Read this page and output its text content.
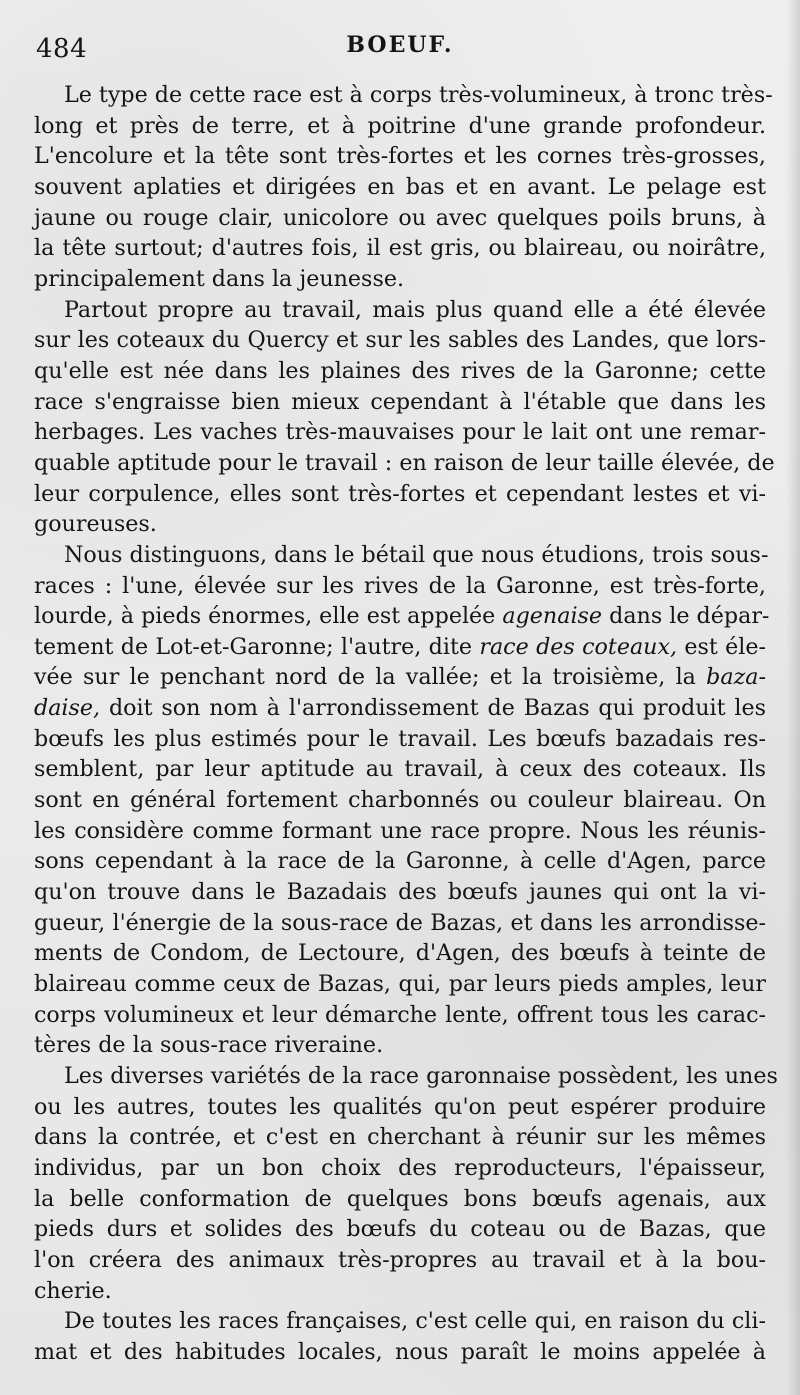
484	BOEUF.
Le type de cette race est à corps très-volumineux, à tronc très-
long et près de terre, et à poitrine d'une grande profondeur.
L'encolure et la tête sont très-fortes et les cornes très-grosses,
souvent aplaties et dirigées en bas et en avant. Le pelage est
jaune ou rouge clair, unicolore ou avec quelques poils bruns, à
la tête surtout; d'autres fois, il est gris, ou blaireau, ou noirâtre,
principalement dans la jeunesse.
Partout propre au travail, mais plus quand elle a été élevée
sur les coteaux du Quercy et sur les sables des Landes, que lors-
qu'elle est née dans les plaines des rives de la Garonne; cette
race s'engraisse bien mieux cependant à l'étable que dans les
herbages. Les vaches très-mauvaises pour le lait ont une remar-
quable aptitude pour le travail : en raison de leur taille élevée, de
leur corpulence, elles sont très-fortes et cependant lestes et vi-
goureuses.
Nous distinguons, dans le bétail que nous étudions, trois sous-
races : l'une, élevée sur les rives de la Garonne, est très-forte,
lourde, à pieds énormes, elle est appelée agenaise dans le dépar-
tement de Lot-et-Garonne; l'autre, dite race des coteaux, est éle-
vée sur le penchant nord de la vallée; et la troisième, la baza-
daise, doit son nom à l'arrondissement de Bazas qui produit les
bœufs les plus estimés pour le travail. Les bœufs bazadais res-
semblent, par leur aptitude au travail, à ceux des coteaux. Ils
sont en général fortement charbonnés ou couleur blaireau. On
les considère comme formant une race propre. Nous les réunis-
sons cependant à la race de la Garonne, à celle d'Agen, parce
qu'on trouve dans le Bazadais des bœufs jaunes qui ont la vi-
gueur, l'énergie de la sous-race de Bazas, et dans les arrondisse-
ments de Condom, de Lectoure, d'Agen, des bœufs à teinte de
blaireau comme ceux de Bazas, qui, par leurs pieds amples, leur
corps volumineux et leur démarche lente, offrent tous les carac-
tères de la sous-race riveraine.
Les diverses variétés de la race garonnaise possèdent, les unes
ou les autres, toutes les qualités qu'on peut espérer produire
dans la contrée, et c'est en cherchant à réunir sur les mêmes
individus, par un bon choix des reproducteurs, l'épaisseur,
la belle conformation de quelques bons bœufs agenais, aux
pieds durs et solides des bœufs du coteau ou de Bazas, que
l'on créera des animaux très-propres au travail et à la bou-
cherie.
De toutes les races françaises, c'est celle qui, en raison du cli-
mat et des habitudes locales, nous paraît le moins appelée à
